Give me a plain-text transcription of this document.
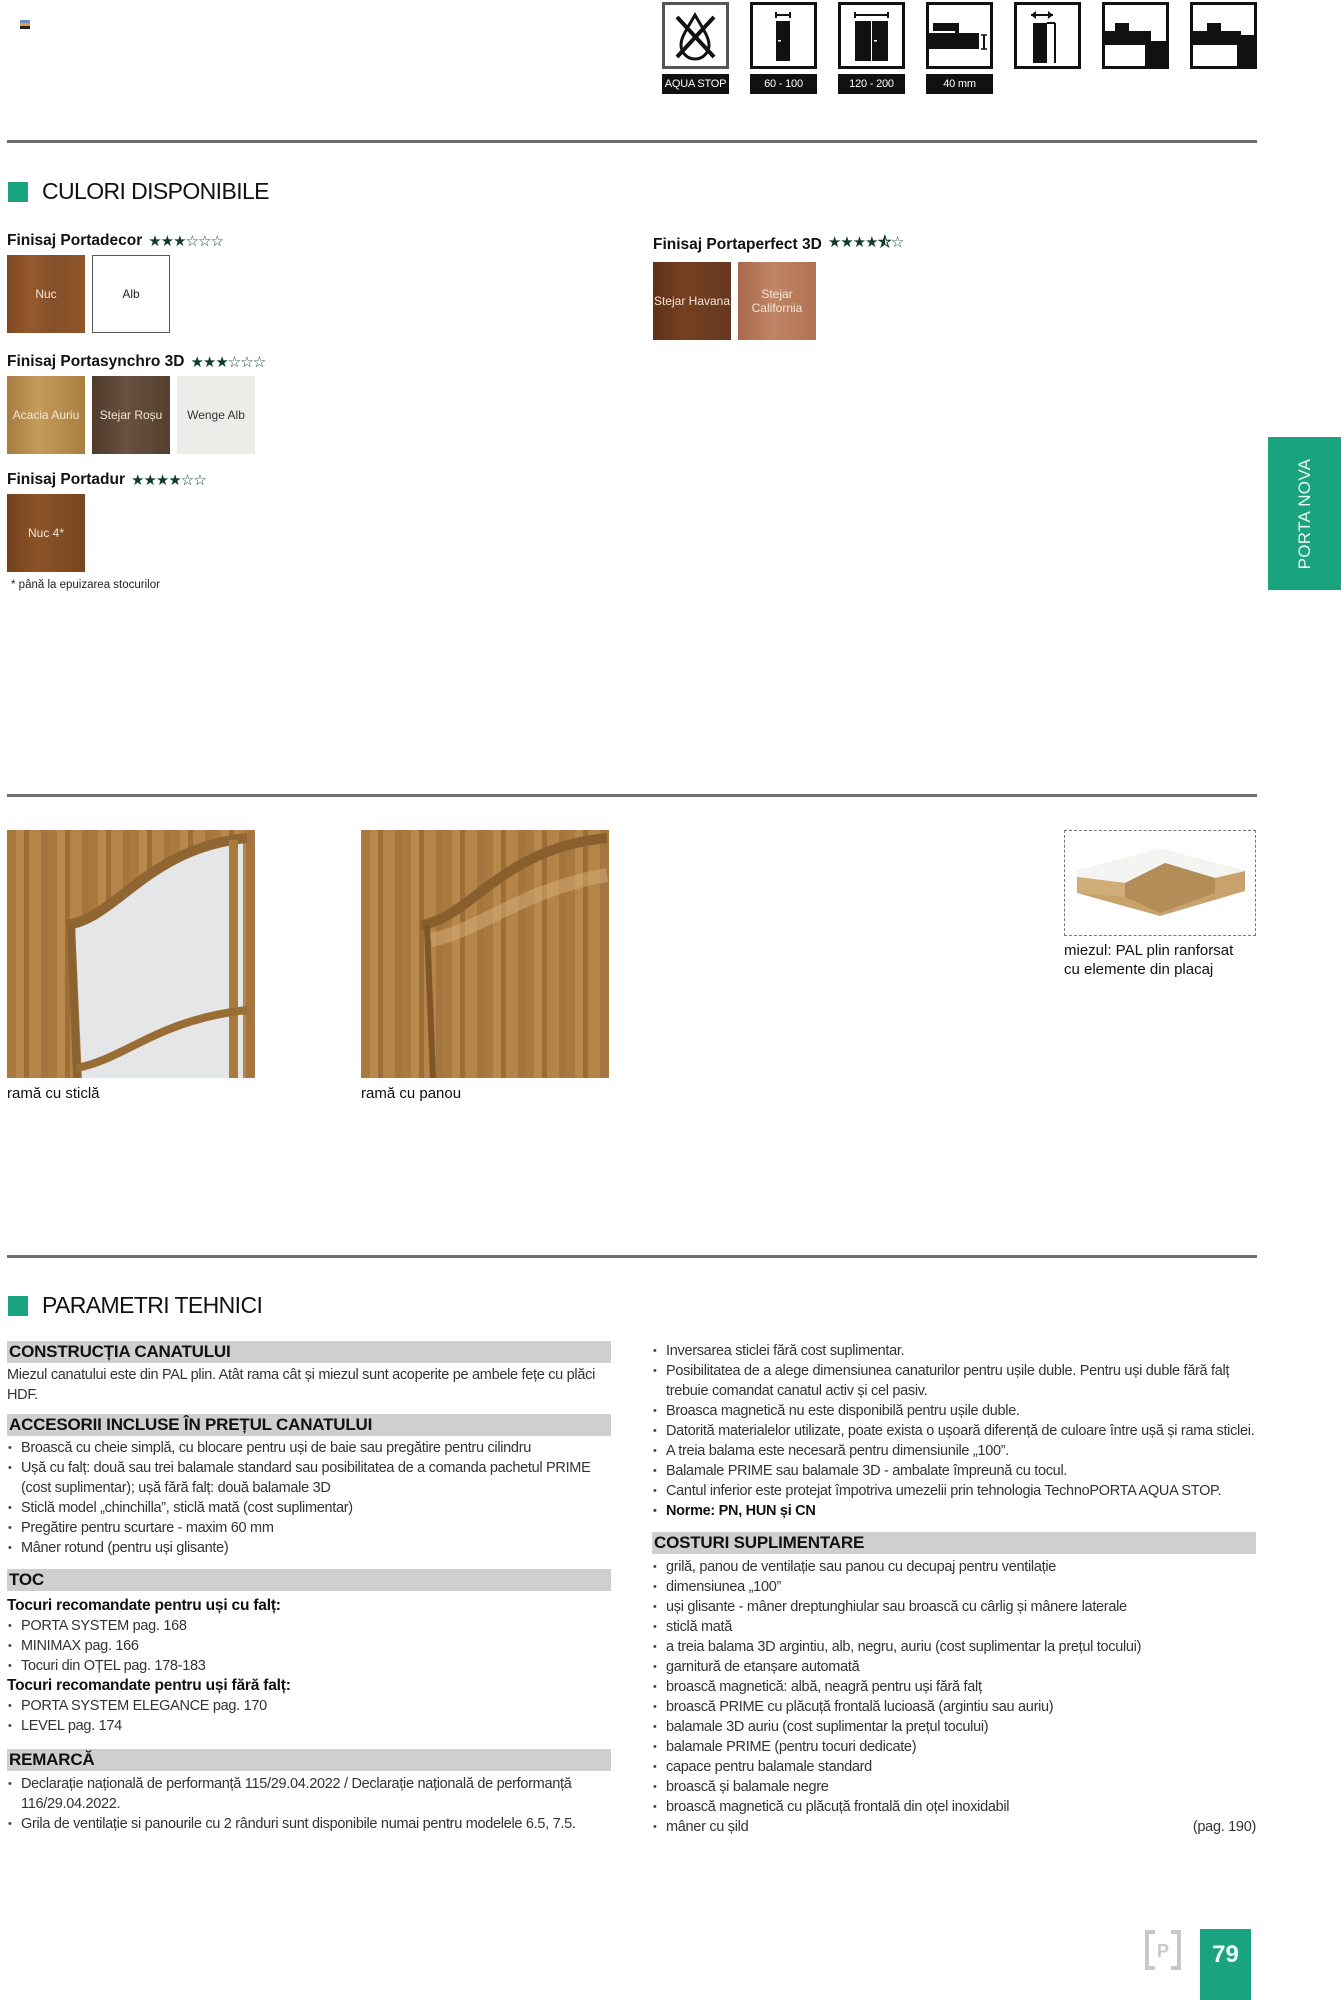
AQUA STOP	60 - 100	120 - 200	40 mm
CULORI DISPONIBILE
Finisaj Portadecor ★★★☆☆☆
Nuc	Alb
Finisaj Portaperfect 3D ★★★★⯪☆
Stejar Havana	Stejar California
Finisaj Portasynchro 3D ★★★☆☆☆
Acacia Auriu Stejar Roșu Wenge Alb
Finisaj Portadur ★★★★☆☆
Nuc 4*
* până la epuizarea stocurilor
PORTA NOVA
ramă cu sticlă	ramă cu panou
miezul: PAL plin ranforsat
cu elemente din placaj
PARAMETRI TEHNICI
CONSTRUCȚIA CANATULUI
Miezul canatului este din PAL plin. Atât rama cât și miezul sunt acoperite pe ambele fețe cu plăci HDF.
ACCESORII INCLUSE ÎN PREȚUL CANATULUI
• Broască cu cheie simplă, cu blocare pentru uși de baie sau pregătire pentru cilindru
• Ușă cu falț: două sau trei balamale standard sau posibilitatea de a comanda pachetul PRIME (cost suplimentar); ușă fără falț: două balamale 3D
• Sticlă model „chinchilla”, sticlă mată (cost suplimentar)
• Pregătire pentru scurtare - maxim 60 mm
• Mâner rotund (pentru uși glisante)
TOC
Tocuri recomandate pentru uși cu falț:
• PORTA SYSTEM pag. 168
• MINIMAX pag. 166
• Tocuri din OȚEL pag. 178-183
Tocuri recomandate pentru uși fără falț:
• PORTA SYSTEM ELEGANCE pag. 170
• LEVEL pag. 174
REMARCĂ
• Declarație națională de performanță 115/29.04.2022 / Declarație națională de performanță 116/29.04.2022.
• Grila de ventilație si panourile cu 2 rânduri sunt disponibile numai pentru modelele 6.5, 7.5.
• Inversarea sticlei fără cost suplimentar.
• Posibilitatea de a alege dimensiunea canaturilor pentru ușile duble. Pentru uși duble fără falț trebuie comandat canatul activ și cel pasiv.
• Broasca magnetică nu este disponibilă pentru ușile duble.
• Datorită materialelor utilizate, poate exista o ușoară diferență de culoare între ușă și rama sticlei.
• A treia balama este necesară pentru dimensiunile „100”.
• Balamale PRIME sau balamale 3D - ambalate împreună cu tocul.
• Cantul inferior este protejat împotriva umezelii prin tehnologia TechnoPORTA AQUA STOP.
• Norme: PN, HUN și CN
COSTURI SUPLIMENTARE
• grilă, panou de ventilație sau panou cu decupaj pentru ventilație
• dimensiunea „100”
• uși glisante - mâner dreptunghiular sau broască cu cârlig și mânere laterale
• sticlă mată
• a treia balama 3D argintiu, alb, negru, auriu (cost suplimentar la prețul tocului)
• garnitură de etanșare automată
• broască magnetică: albă, neagră pentru uși fără falț
• broască PRIME cu plăcuță frontală lucioasă (argintiu sau auriu)
• balamale 3D auriu (cost suplimentar la prețul tocului)
• balamale PRIME (pentru tocuri dedicate)
• capace pentru balamale standard
• broască și balamale negre
• broască magnetică cu plăcuță frontală din oțel inoxidabil
• mâner cu șild	(pag. 190)
P	79
